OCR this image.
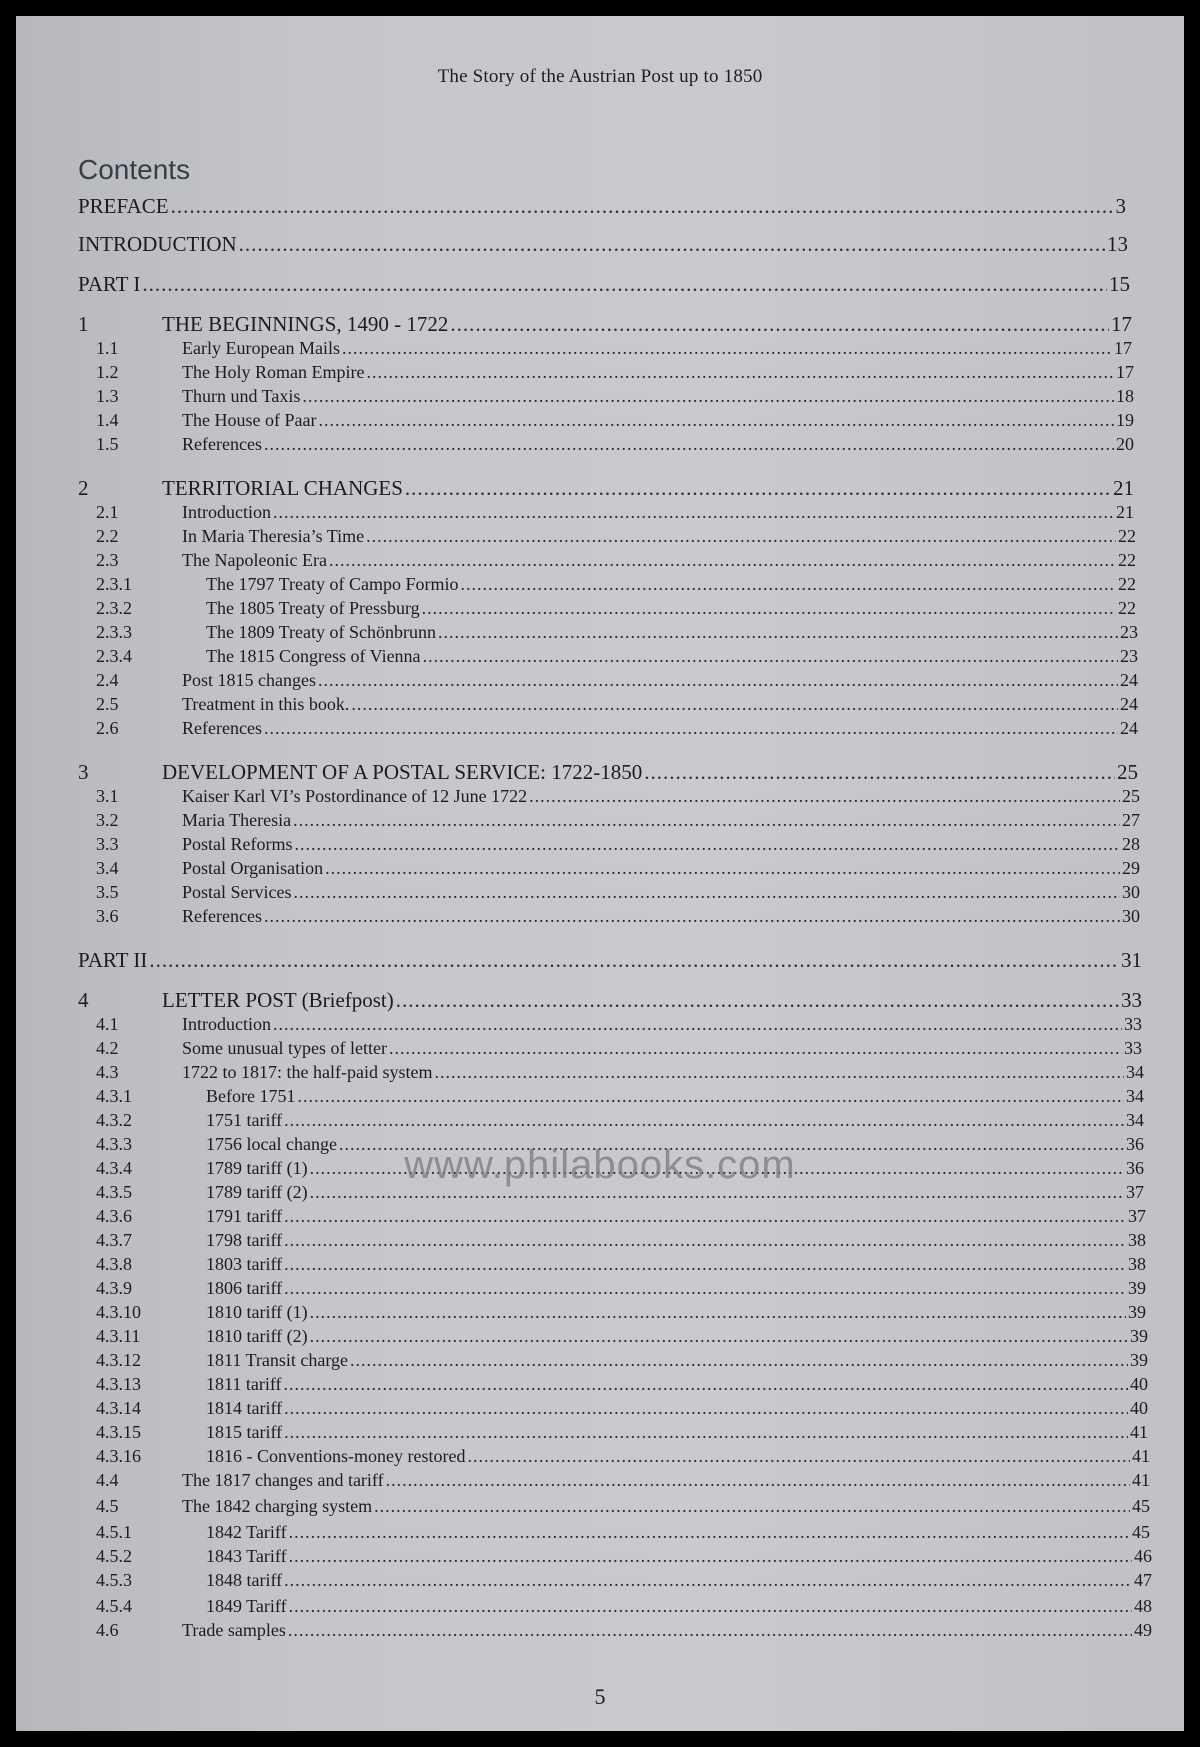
The Story of the Austrian Post up to 1850
Contents
PREFACE .....	3
INTRODUCTION .....	13
PART I .....	15
1	THE BEGINNINGS, 1490 - 1722 .....	17
1.1	Early European Mails .....	17
1.2	The Holy Roman Empire .....	17
1.3	Thurn und Taxis .....	18
1.4	The House of Paar .....	19
1.5	References .....	20
2	TERRITORIAL CHANGES .....	21
2.1	Introduction .....	21
2.2	In Maria Theresia’s Time .....	22
2.3	The Napoleonic Era .....	22
2.3.1	The 1797 Treaty of Campo Formio .....	22
2.3.2	The 1805 Treaty of Pressburg .....	22
2.3.3	The 1809 Treaty of Schönbrunn .....	23
2.3.4	The 1815 Congress of Vienna .....	23
2.4	Post 1815 changes .....	24
2.5	Treatment in this book. .....	24
2.6	References .....	24
3	DEVELOPMENT OF A POSTAL SERVICE: 1722-1850 .....	25
3.1	Kaiser Karl VI’s Postordinance of 12 June 1722 .....	25
3.2	Maria Theresia .....	27
3.3	Postal Reforms .....	28
3.4	Postal Organisation .....	29
3.5	Postal Services .....	30
3.6	References .....	30
PART II .....	31
4	LETTER POST (Briefpost) .....	33
4.1	Introduction .....	33
4.2	Some unusual types of letter .....	33
4.3	1722 to 1817: the half-paid system .....	34
4.3.1	Before 1751 .....	34
4.3.2	1751 tariff .....	34
4.3.3	1756 local change .....	36
4.3.4	1789 tariff (1) .....	36
4.3.5	1789 tariff (2) .....	37
4.3.6	1791 tariff .....	37
4.3.7	1798 tariff .....	38
4.3.8	1803 tariff .....	38
4.3.9	1806 tariff .....	39
4.3.10	1810 tariff (1) .....	39
4.3.11	1810 tariff (2) .....	39
4.3.12	1811 Transit charge .....	39
4.3.13	1811 tariff .....	40
4.3.14	1814 tariff .....	40
4.3.15	1815 tariff .....	41
4.3.16	1816 - Conventions-money restored .....	41
4.4	The 1817 changes and tariff .....	41
4.5	The 1842 charging system .....	45
4.5.1	1842 Tariff .....	45
4.5.2	1843 Tariff .....	46
4.5.3	1848 tariff .....	47
4.5.4	1849 Tariff .....	48
4.6	Trade samples .....	49
www.philabooks.com
5
